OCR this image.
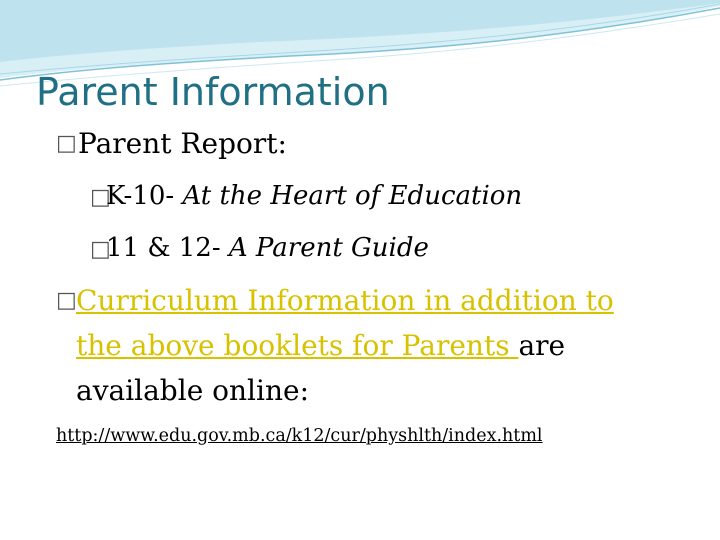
Parent Information
□ Parent Report:
□
K-10- At the Heart of Education
□
11 & 12- A Parent Guide
□ Curriculum Information in addition to
the above booklets for Parents are
available online:
http://www.edu.gov.mb.ca/k12/cur/physhlth/index.html
